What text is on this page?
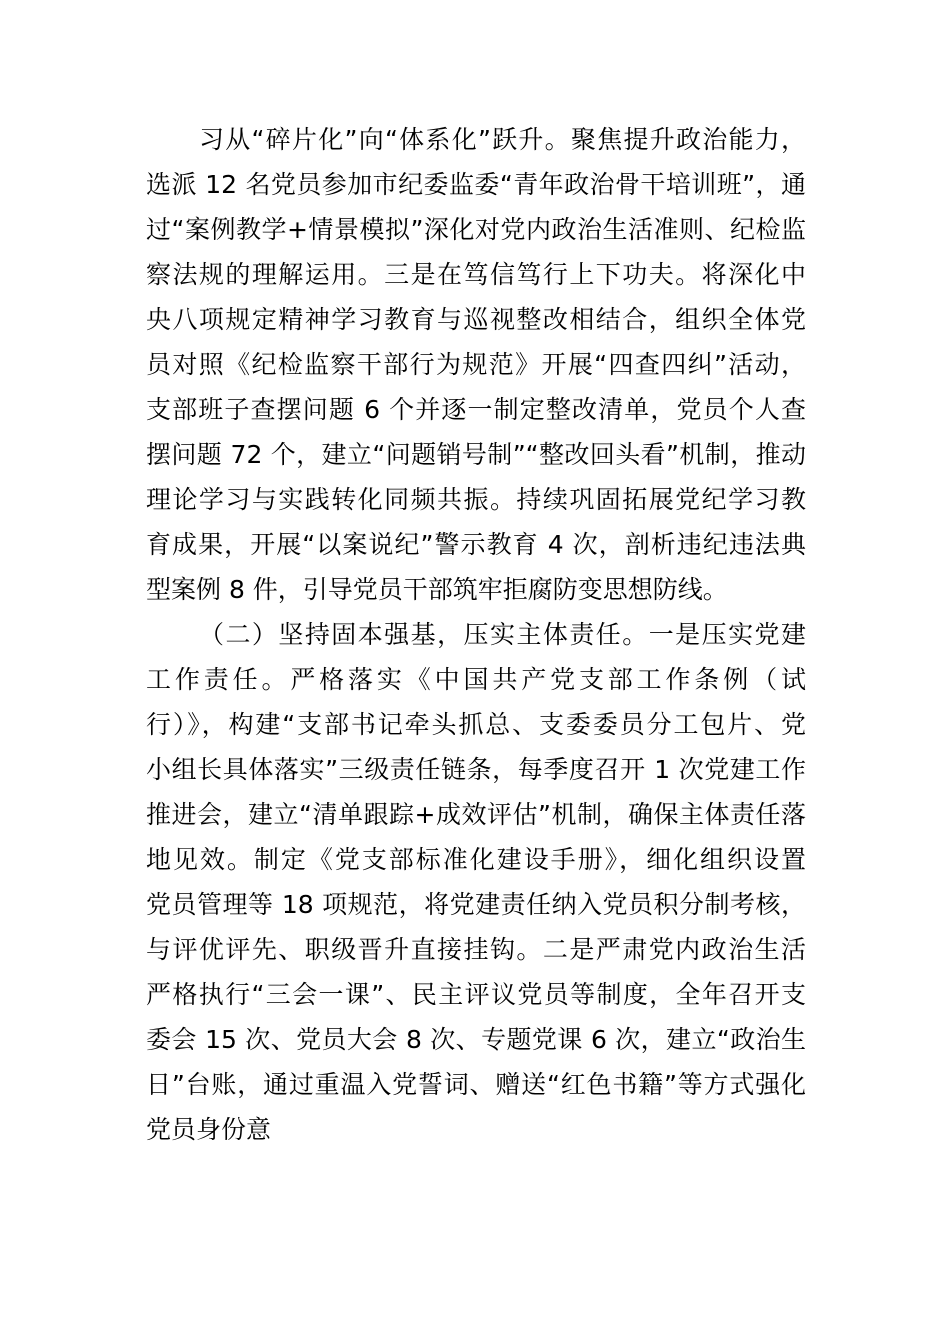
习从“碎片化”向“体系化”跃升。聚焦提升政治能力，
选派 12 名党员参加市纪委监委“青年政治骨干培训班”，通
过“案例教学+情景模拟”深化对党内政治生活准则、纪检监
察法规的理解运用。三是在笃信笃行上下功夫。将深化中
央八项规定精神学习教育与巡视整改相结合，组织全体党
员对照《纪检监察干部行为规范》开展“四查四纠”活动，
支部班子查摆问题 6 个并逐一制定整改清单，党员个人查
摆问题 72 个，建立“问题销号制”“整改回头看”机制，推动
理论学习与实践转化同频共振。持续巩固拓展党纪学习教
育成果，开展“以案说纪”警示教育 4 次，剖析违纪违法典
型案例 8 件，引导党员干部筑牢拒腐防变思想防线。
（二）坚持固本强基，压实主体责任。一是压实党建
工作责任。严格落实《中国共产党支部工作条例（试
行）》，构建“支部书记牵头抓总、支委委员分工包片、党
小组长具体落实”三级责任链条，每季度召开 1 次党建工作
推进会，建立“清单跟踪+成效评估”机制，确保主体责任落
地见效。制定《党支部标准化建设手册》，细化组织设置
党员管理等 18 项规范，将党建责任纳入党员积分制考核，
与评优评先、职级晋升直接挂钩。二是严肃党内政治生活
严格执行“三会一课”、民主评议党员等制度，全年召开支
委会 15 次、党员大会 8 次、专题党课 6 次，建立“政治生
日”台账，通过重温入党誓词、赠送“红色书籍”等方式强化
党员身份意
